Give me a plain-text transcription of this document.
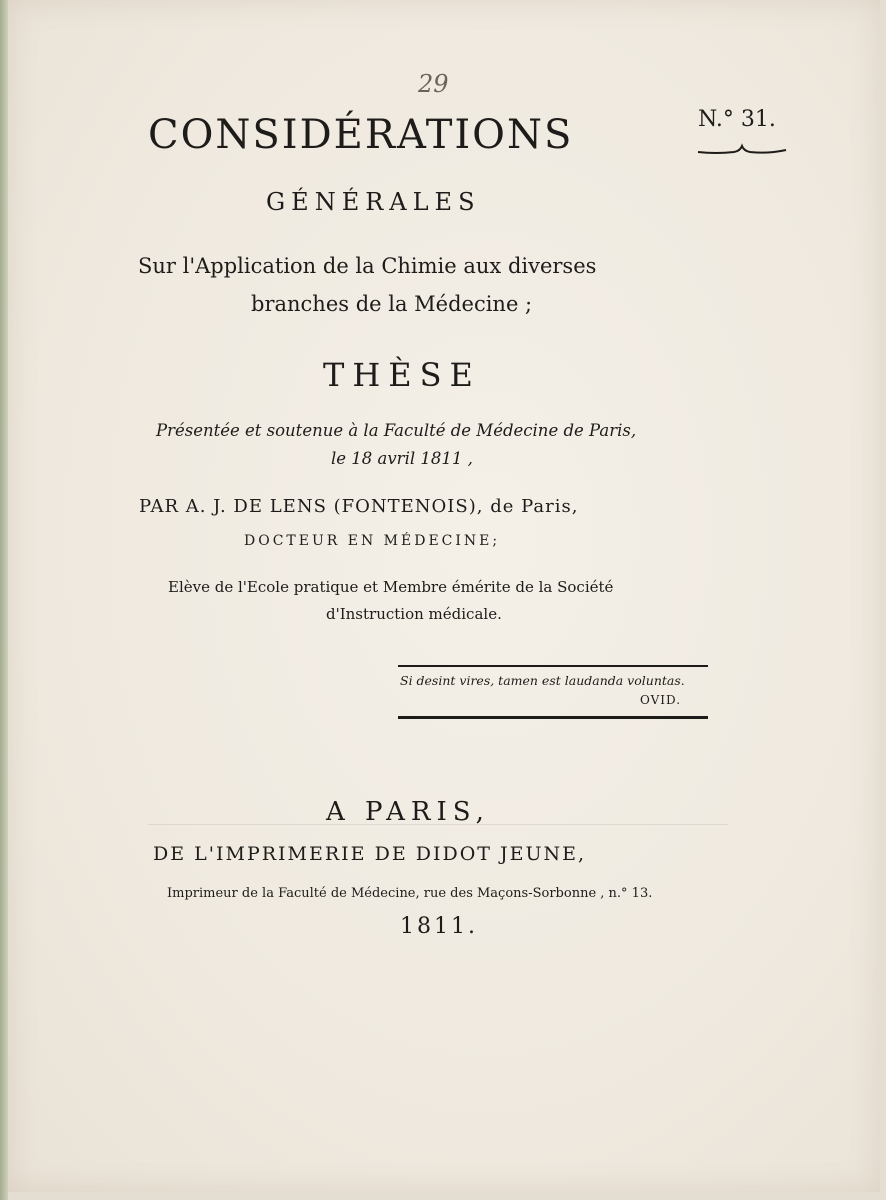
29
CONSIDÉRATIONS	N.° 31.
GÉNÉRALES
Sur l'Application de la Chimie aux diverses
branches de la Médecine ;
THÈSE
Présentée et soutenue à la Faculté de Médecine de Paris,
le 18 avril 1811 ,
PAR A. J. DE LENS (FONTENOIS), de Paris,
DOCTEUR EN MÉDECINE;
Elève de l'Ecole pratique et Membre émérite de la Société
d'Instruction médicale.
Si desint vires, tamen est laudanda voluntas.
OVID.
A PARIS,
DE L'IMPRIMERIE DE DIDOT JEUNE,
Imprimeur de la Faculté de Médecine, rue des Maçons-Sorbonne , n.° 13.
1811.
